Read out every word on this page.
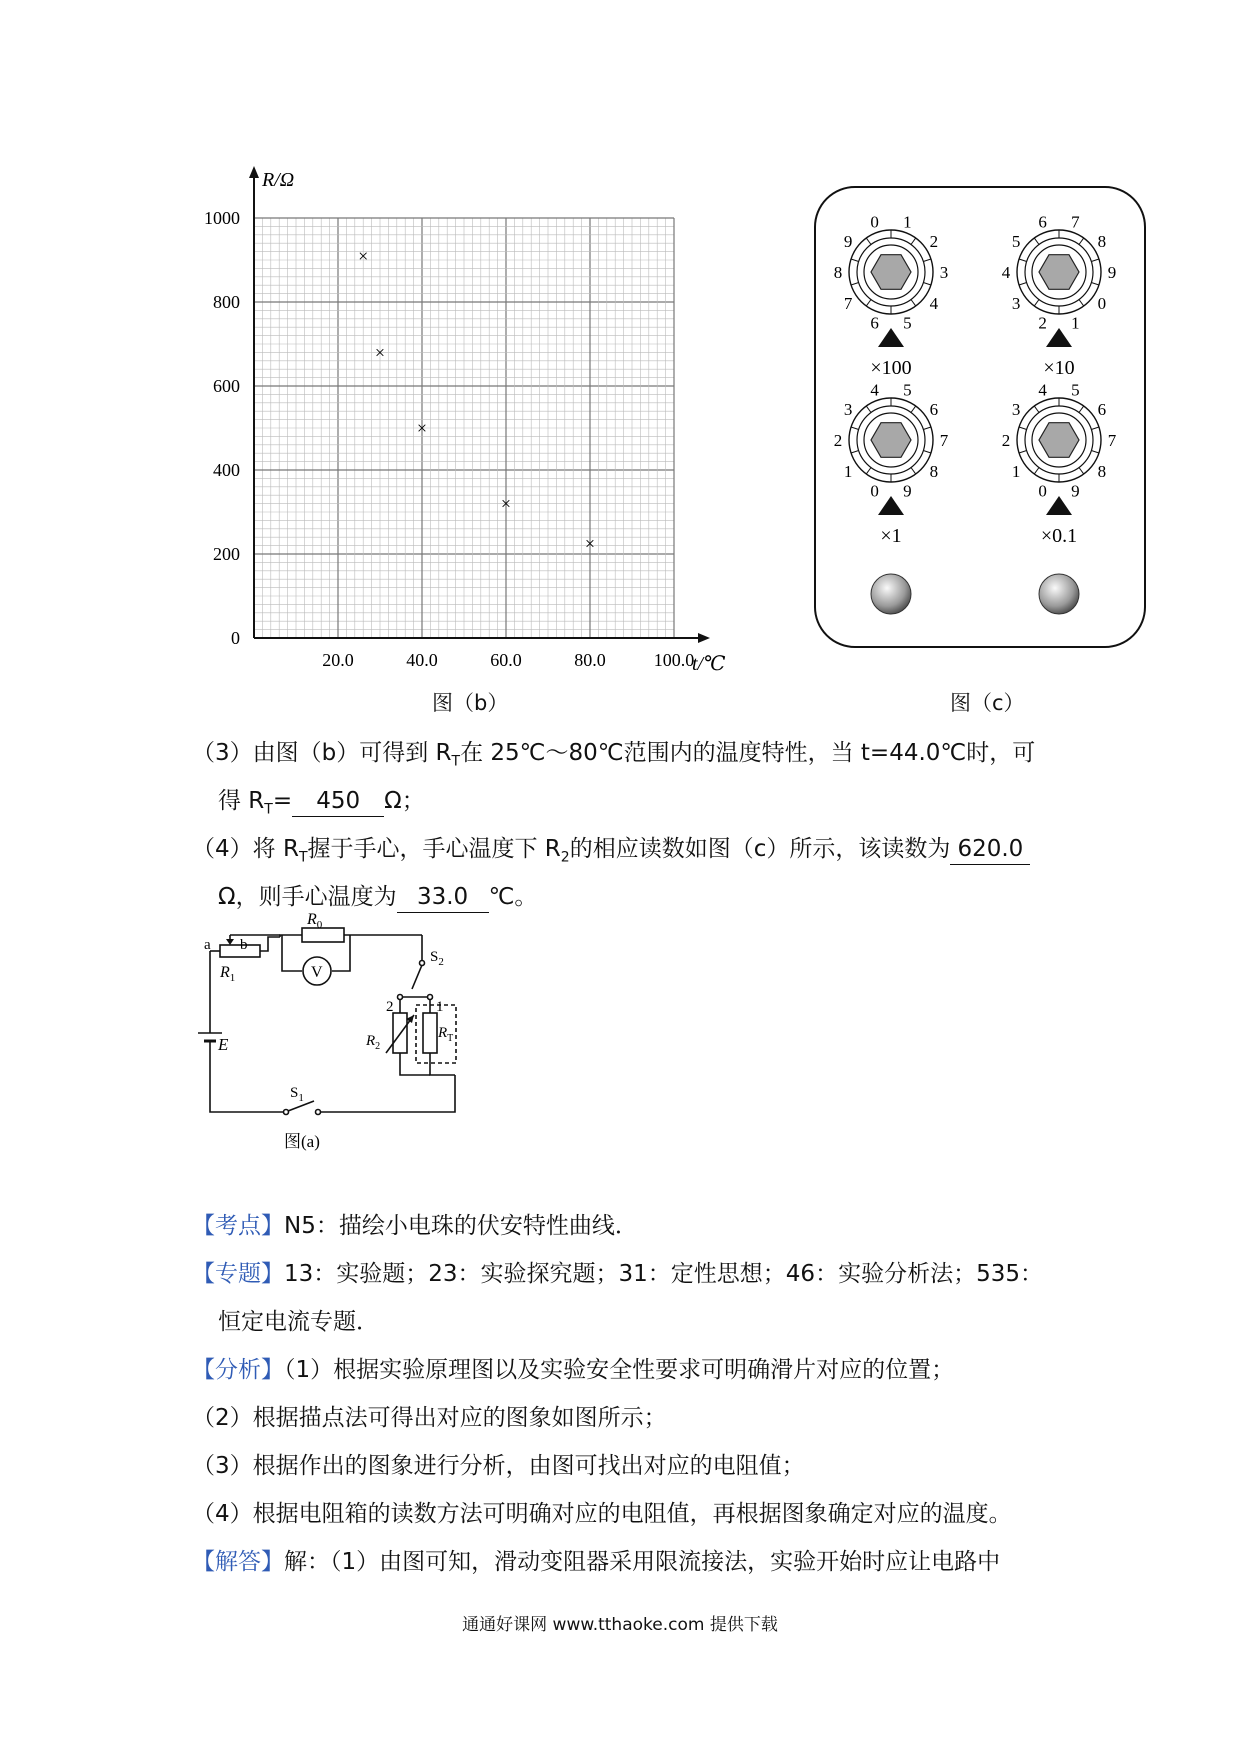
R/Ω
t/℃
1000
800
600
400
200
0
20.0	40.0	60.0	80.0	100.0
×
×
×
×
×
图（b）
1
2
3
4
5
6
7
8
9
0
×100
7
8
9
0
1
2
3
4
5
6
×10
5
6
7
8
9
0
1
2
3
4
×1
5
6
7
8
9
0
1
2
3
4
×0.1
图（c）
（3）由图（b）可得到 $R_T$在 25℃～80℃范围内的温度特性，当 t=44.0℃时，可
得 $R_T= 450$ Ω；
（4）将 $R_T$握于手心，手心温度下 $R_2$的相应读数如图（c）所示，该读数为 620.0
Ω，则手心温度为 33.0 ℃。
a b
$R_1$
$R_0$
V
$S_2$
E
$S_1$
2	1
$R_2$
$R_T$
图(a)
【考点】N5：描绘小电珠的伏安特性曲线．
【专题】13：实验题；23：实验探究题；31：定性思想；46：实验分析法；535：
恒定电流专题．
【分析】（1）根据实验原理图以及实验安全性要求可明确滑片对应的位置；
（2）根据描点法可得出对应的图象如图所示；
（3）根据作出的图象进行分析，由图可找出对应的电阻值；
（4）根据电阻箱的读数方法可明确对应的电阻值，再根据图象确定对应的温度。
【解答】解：（1）由图可知，滑动变阻器采用限流接法，实验开始时应让电路中
通通好课网 www.tthaoke.com 提供下载
